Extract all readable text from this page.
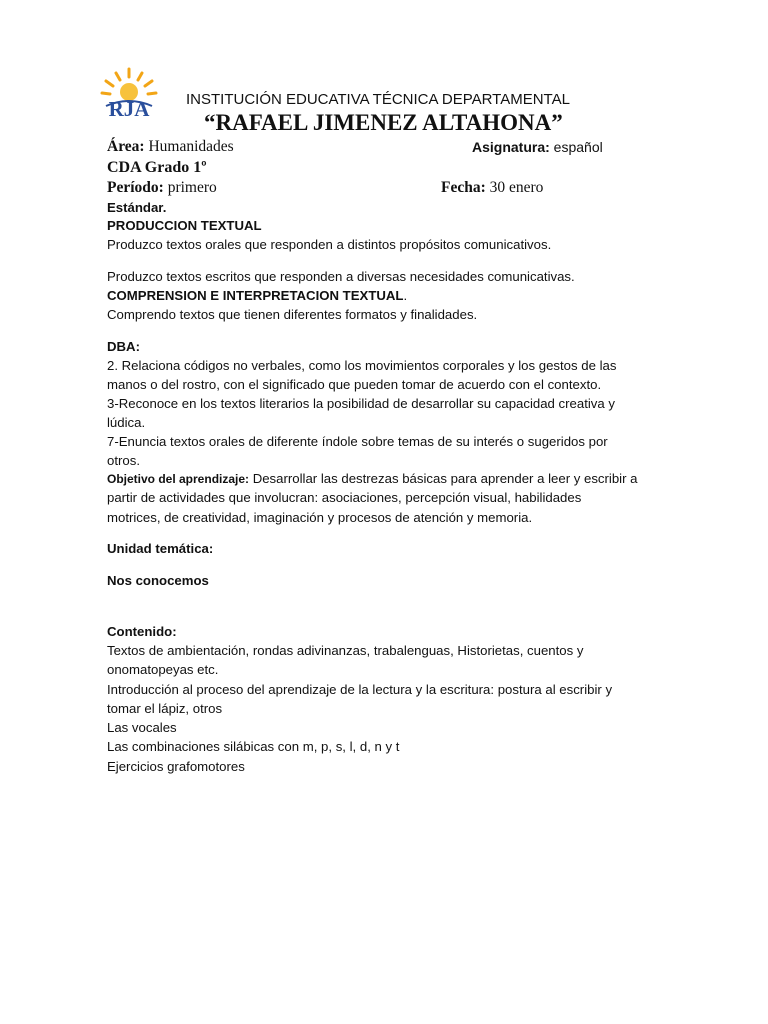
RJA INSTITUCIÓN EDUCATIVA TÉCNICA DEPARTAMENTAL
“RAFAEL JIMENEZ ALTAHONA”
Área: Humanidades	Asignatura: español
CDA Grado 1º
Período: primero	Fecha: 30 enero
Estándar.
PRODUCCION TEXTUAL
Produzco textos orales que responden a distintos propósitos comunicativos.
Produzco textos escritos que responden a diversas necesidades comunicativas.
COMPRENSION E INTERPRETACION TEXTUAL.
Comprendo textos que tienen diferentes formatos y finalidades.
DBA:
2. Relaciona códigos no verbales, como los movimientos corporales y los gestos de las
manos o del rostro, con el significado que pueden tomar de acuerdo con el contexto.
3-Reconoce en los textos literarios la posibilidad de desarrollar su capacidad creativa y
lúdica.
7-Enuncia textos orales de diferente índole sobre temas de su interés o sugeridos por
otros.
Objetivo del aprendizaje: Desarrollar las destrezas básicas para aprender a leer y escribir a
partir de actividades que involucran: asociaciones, percepción visual, habilidades
motrices, de creatividad, imaginación y procesos de atención y memoria.
Unidad temática:
Nos conocemos
Contenido:
Textos de ambientación, rondas adivinanzas, trabalenguas, Historietas, cuentos y
onomatopeyas etc.
Introducción al proceso del aprendizaje de la lectura y la escritura: postura al escribir y
tomar el lápiz, otros
Las vocales
Las combinaciones silábicas con m, p, s, l, d, n y t
Ejercicios grafomotores
